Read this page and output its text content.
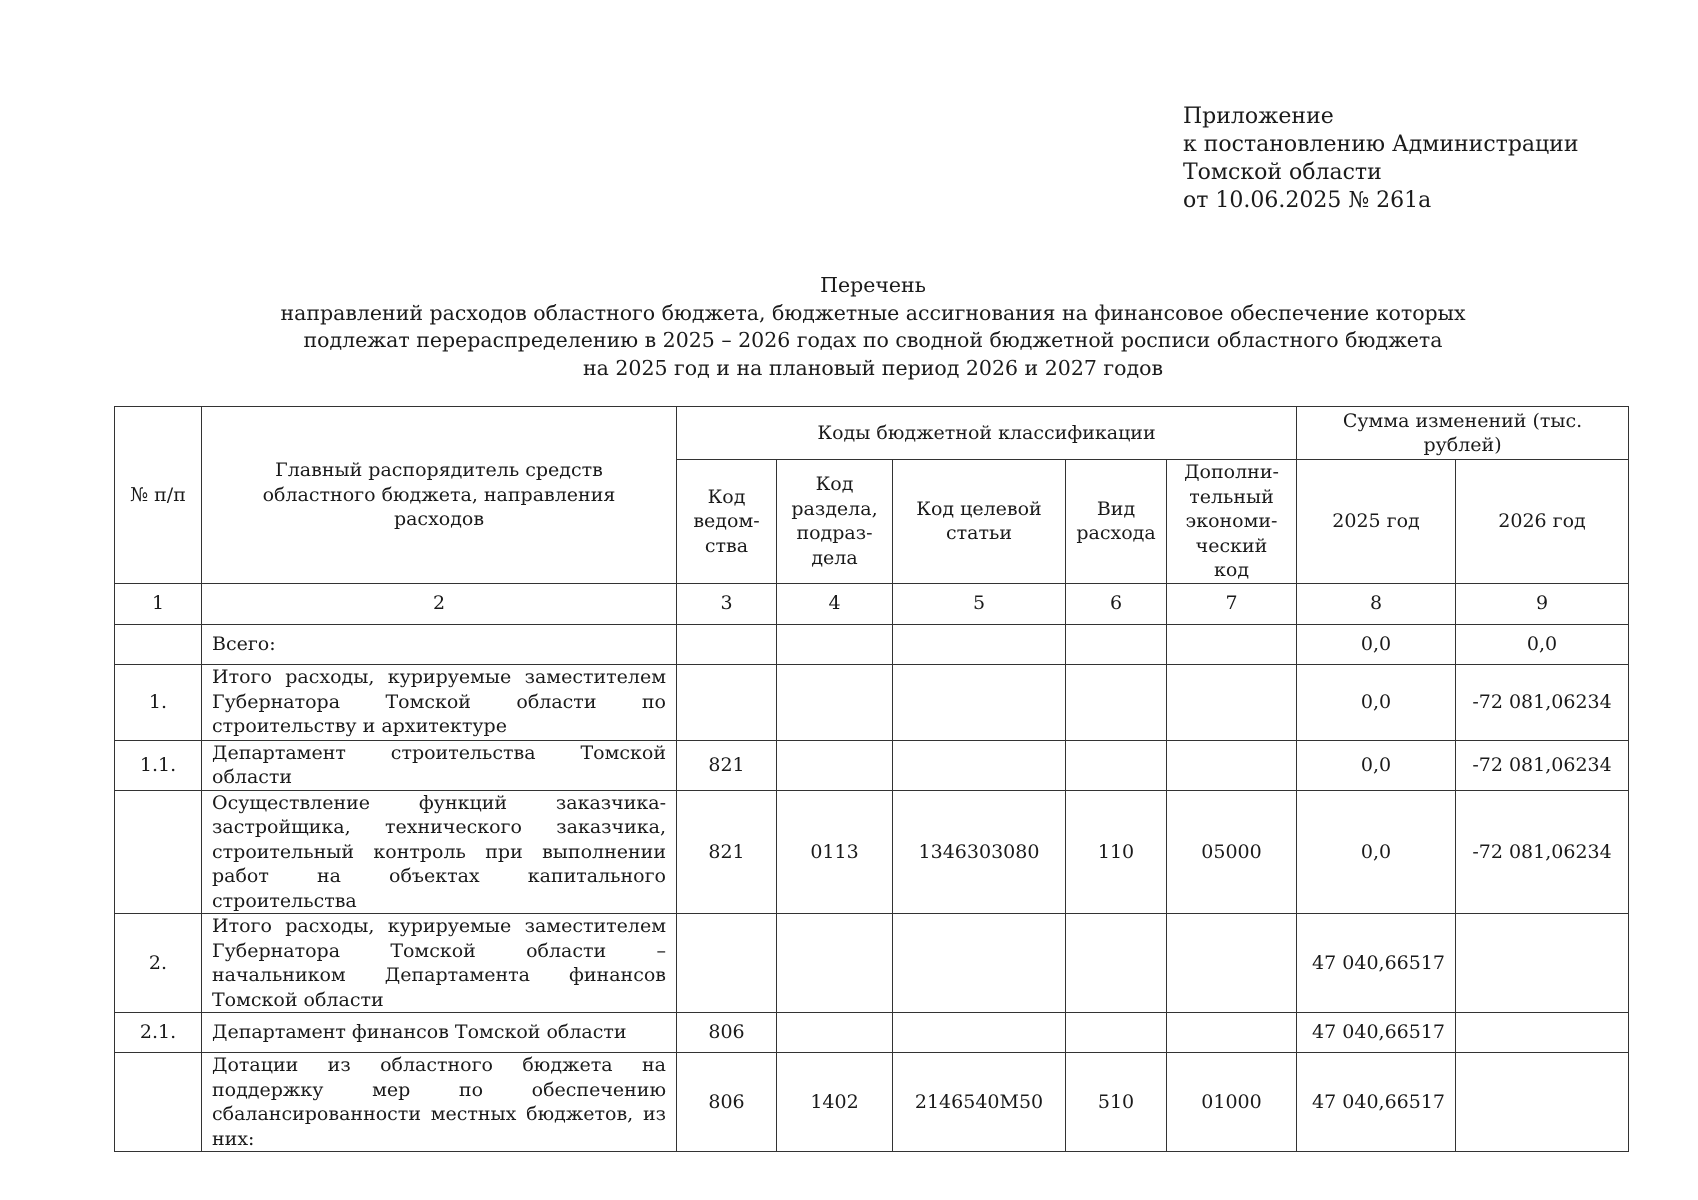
Приложение
к постановлению Администрации
Томской области
от 10.06.2025 № 261а
Перечень
направлений расходов областного бюджета, бюджетные ассигнования на финансовое обеспечение которых
подлежат перераспределению в 2025 – 2026 годах по сводной бюджетной росписи областного бюджета
на 2025 год и на плановый период 2026 и 2027 годов
№ п/п	Главный распорядитель средств областного бюджета, направления расходов	Коды бюджетной классификации					Сумма изменений (тыс. рублей)	
		Код ведом-ства	Код раздела, подраз-дела	Код целевой статьи	Вид расхода	Дополни-тельный экономи-ческий код	2025 год	2026 год
1	2	3	4	5	6	7	8	9
	Всего:						0,0	0,0
1.	Итого расходы, курируемые заместителем Губернатора Томской области по строительству и архитектуре						0,0	-72 081,06234
1.1.	Департамент строительства Томской области	821					0,0	-72 081,06234
	Осуществление функций заказчика-застройщика, технического заказчика, строительный контроль при выполнении работ на объектах капитального строительства	821	0113	1346303080	110	05000	0,0	-72 081,06234
2.	Итого расходы, курируемые заместителем Губернатора Томской области – начальником Департамента финансов Томской области						47 040,66517	
2.1.	Департамент финансов Томской области	806					47 040,66517	
	Дотации из областного бюджета на поддержку мер по обеспечению сбалансированности местных бюджетов, из них:	806	1402	2146540М50	510	01000	47 040,66517	
